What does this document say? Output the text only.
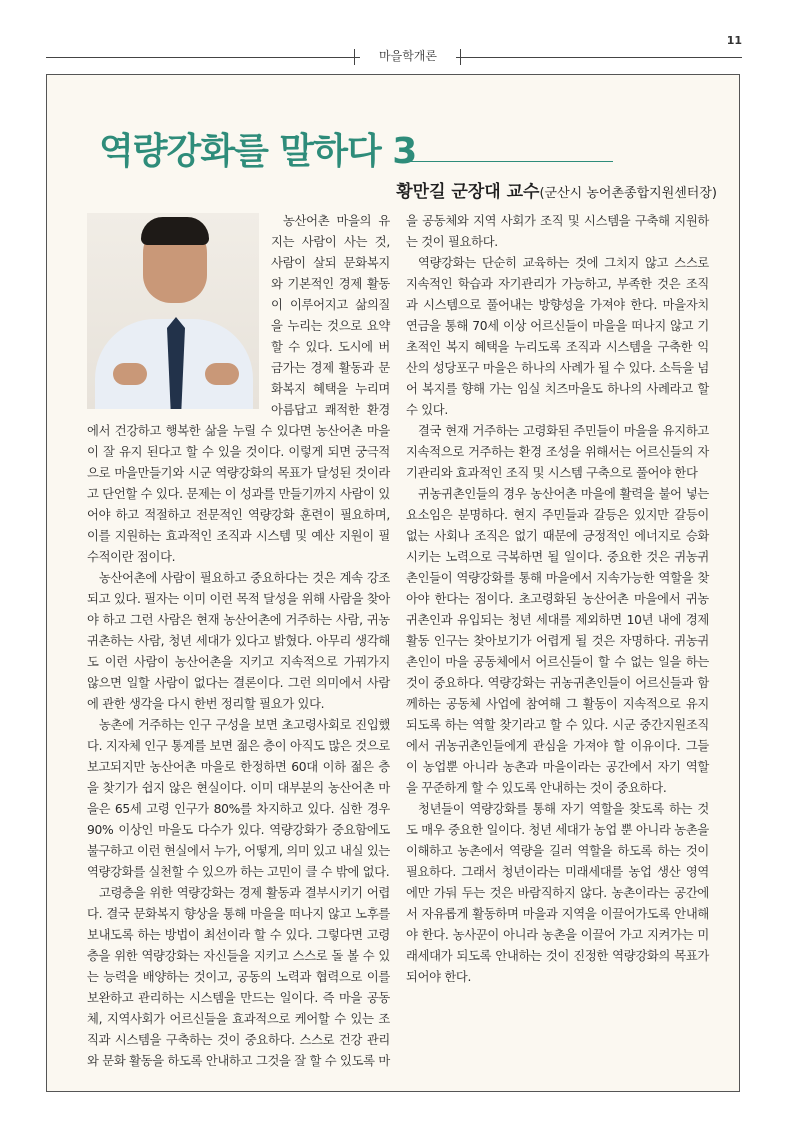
11
마을학개론
역량강화를 말하다 3
황만길 군장대 교수(군산시 농어촌종합지원센터장)

농산어촌 마을의 유지는 사람이 사는 것, 사람이 살되 문화복지와 기본적인 경제 활동이 이루어지고 삶의질을 누리는 것으로 요약할 수 있다. 도시에 버금가는 경제 활동과 문화복지 혜택을 누리며 아름답고 쾌적한 환경에서 건강하고 행복한 삶을 누릴 수 있다면 농산어촌 마을이 잘 유지 된다고 할 수 있을 것이다. 이렇게 되면 궁극적으로 마을만들기와 시군 역량강화의 목표가 달성된 것이라고 단언할 수 있다. 문제는 이 성과를 만들기까지 사람이 있어야 하고 적절하고 전문적인 역량강화 훈련이 필요하며, 이를 지원하는 효과적인 조직과 시스템 및 예산 지원이 필수적이란 점이다.

농산어촌에 사람이 필요하고 중요하다는 것은 계속 강조되고 있다. 필자는 이미 이런 목적 달성을 위해 사람을 찾아야 하고 그런 사람은 현재 농산어촌에 거주하는 사람, 귀농귀촌하는 사람, 청년 세대가 있다고 밝혔다. 아무리 생각해도 이런 사람이 농산어촌을 지키고 지속적으로 가꿔가지 않으면 일할 사람이 없다는 결론이다. 그런 의미에서 사람에 관한 생각을 다시 한번 정리할 필요가 있다.

농촌에 거주하는 인구 구성을 보면 초고령사회로 진입했다. 지자체 인구 통계를 보면 젊은 층이 아직도 많은 것으로 보고되지만 농산어촌 마을로 한정하면 60대 이하 젊은 층을 찾기가 쉽지 않은 현실이다. 이미 대부분의 농산어촌 마을은 65세 고령 인구가 80%를 차지하고 있다. 심한 경우 90% 이상인 마을도 다수가 있다. 역량강화가 중요함에도 불구하고 이런 현실에서 누가, 어떻게, 의미 있고 내실 있는 역량강화를 실천할 수 있으까 하는 고민이 클 수 밖에 없다.

고령층을 위한 역량강화는 경제 활동과 결부시키기 어렵다. 결국 문화복지 향상을 통해 마을을 떠나지 않고 노후를 보내도록 하는 방법이 최선이라 할 수 있다. 그렇다면 고령층을 위한 역량강화는 자신들을 지키고 스스로 돌 볼 수 있는 능력을 배양하는 것이고, 공동의 노력과 협력으로 이를 보완하고 관리하는 시스템을 만드는 일이다. 즉 마을 공동체, 지역사회가 어르신들을 효과적으로 케어할 수 있는 조직과 시스템을 구축하는 것이 중요하다. 스스로 건강 관리와 문화 활동을 하도록 안내하고 그것을 잘 할 수 있도록 마을 공동체와 지역 사회가 조직 및 시스템을 구축해 지원하는 것이 필요하다.

역량강화는 단순히 교육하는 것에 그치지 않고 스스로 지속적인 학습과 자기관리가 가능하고, 부족한 것은 조직과 시스템으로 풀어내는 방향성을 가져야 한다. 마을자치연금을 통해 70세 이상 어르신들이 마을을 떠나지 않고 기초적인 복지 혜택을 누리도록 조직과 시스템을 구축한 익산의 성당포구 마을은 하나의 사례가 될 수 있다. 소득을 넘어 복지를 향해 가는 임실 치즈마을도 하나의 사례라고 할 수 있다.

결국 현재 거주하는 고령화된 주민들이 마을을 유지하고 지속적으로 거주하는 환경 조성을 위해서는 어르신들의 자기관리와 효과적인 조직 및 시스템 구축으로 풀어야 한다

귀농귀촌인들의 경우 농산어촌 마을에 활력을 불어 넣는 요소임은 분명하다. 현지 주민들과 갈등은 있지만 갈등이 없는 사회나 조직은 없기 때문에 긍정적인 에너지로 승화시키는 노력으로 극복하면 될 일이다. 중요한 것은 귀농귀촌인들이 역량강화를 통해 마을에서 지속가능한 역할을 찾아야 한다는 점이다. 초고령화된 농산어촌 마을에서 귀농귀촌인과 유입되는 청년 세대를 제외하면 10년 내에 경제 활동 인구는 찾아보기가 어렵게 될 것은 자명하다. 귀농귀촌인이 마을 공동체에서 어르신들이 할 수 없는 일을 하는 것이 중요하다. 역량강화는 귀농귀촌인들이 어르신들과 함께하는 공동체 사업에 참여해 그 활동이 지속적으로 유지되도록 하는 역할 찾기라고 할 수 있다. 시군 중간지원조직에서 귀농귀촌인들에게 관심을 가져야 할 이유이다. 그들이 농업뿐 아니라 농촌과 마을이라는 공간에서 자기 역할을 꾸준하게 할 수 있도록 안내하는 것이 중요하다.

청년들이 역량강화를 통해 자기 역할을 찾도록 하는 것도 매우 중요한 일이다. 청년 세대가 농업 뿐 아니라 농촌을 이해하고 농촌에서 역량을 길러 역할을 하도록 하는 것이 필요하다. 그래서 청년이라는 미래세대를 농업 생산 영역에만 가둬 두는 것은 바람직하지 않다. 농촌이라는 공간에서 자유롭게 활동하며 마을과 지역을 이끌어가도록 안내해야 한다. 농사꾼이 아니라 농촌을 이끌어 가고 지켜가는 미래세대가 되도록 안내하는 것이 진정한 역량강화의 목표가 되어야 한다.
